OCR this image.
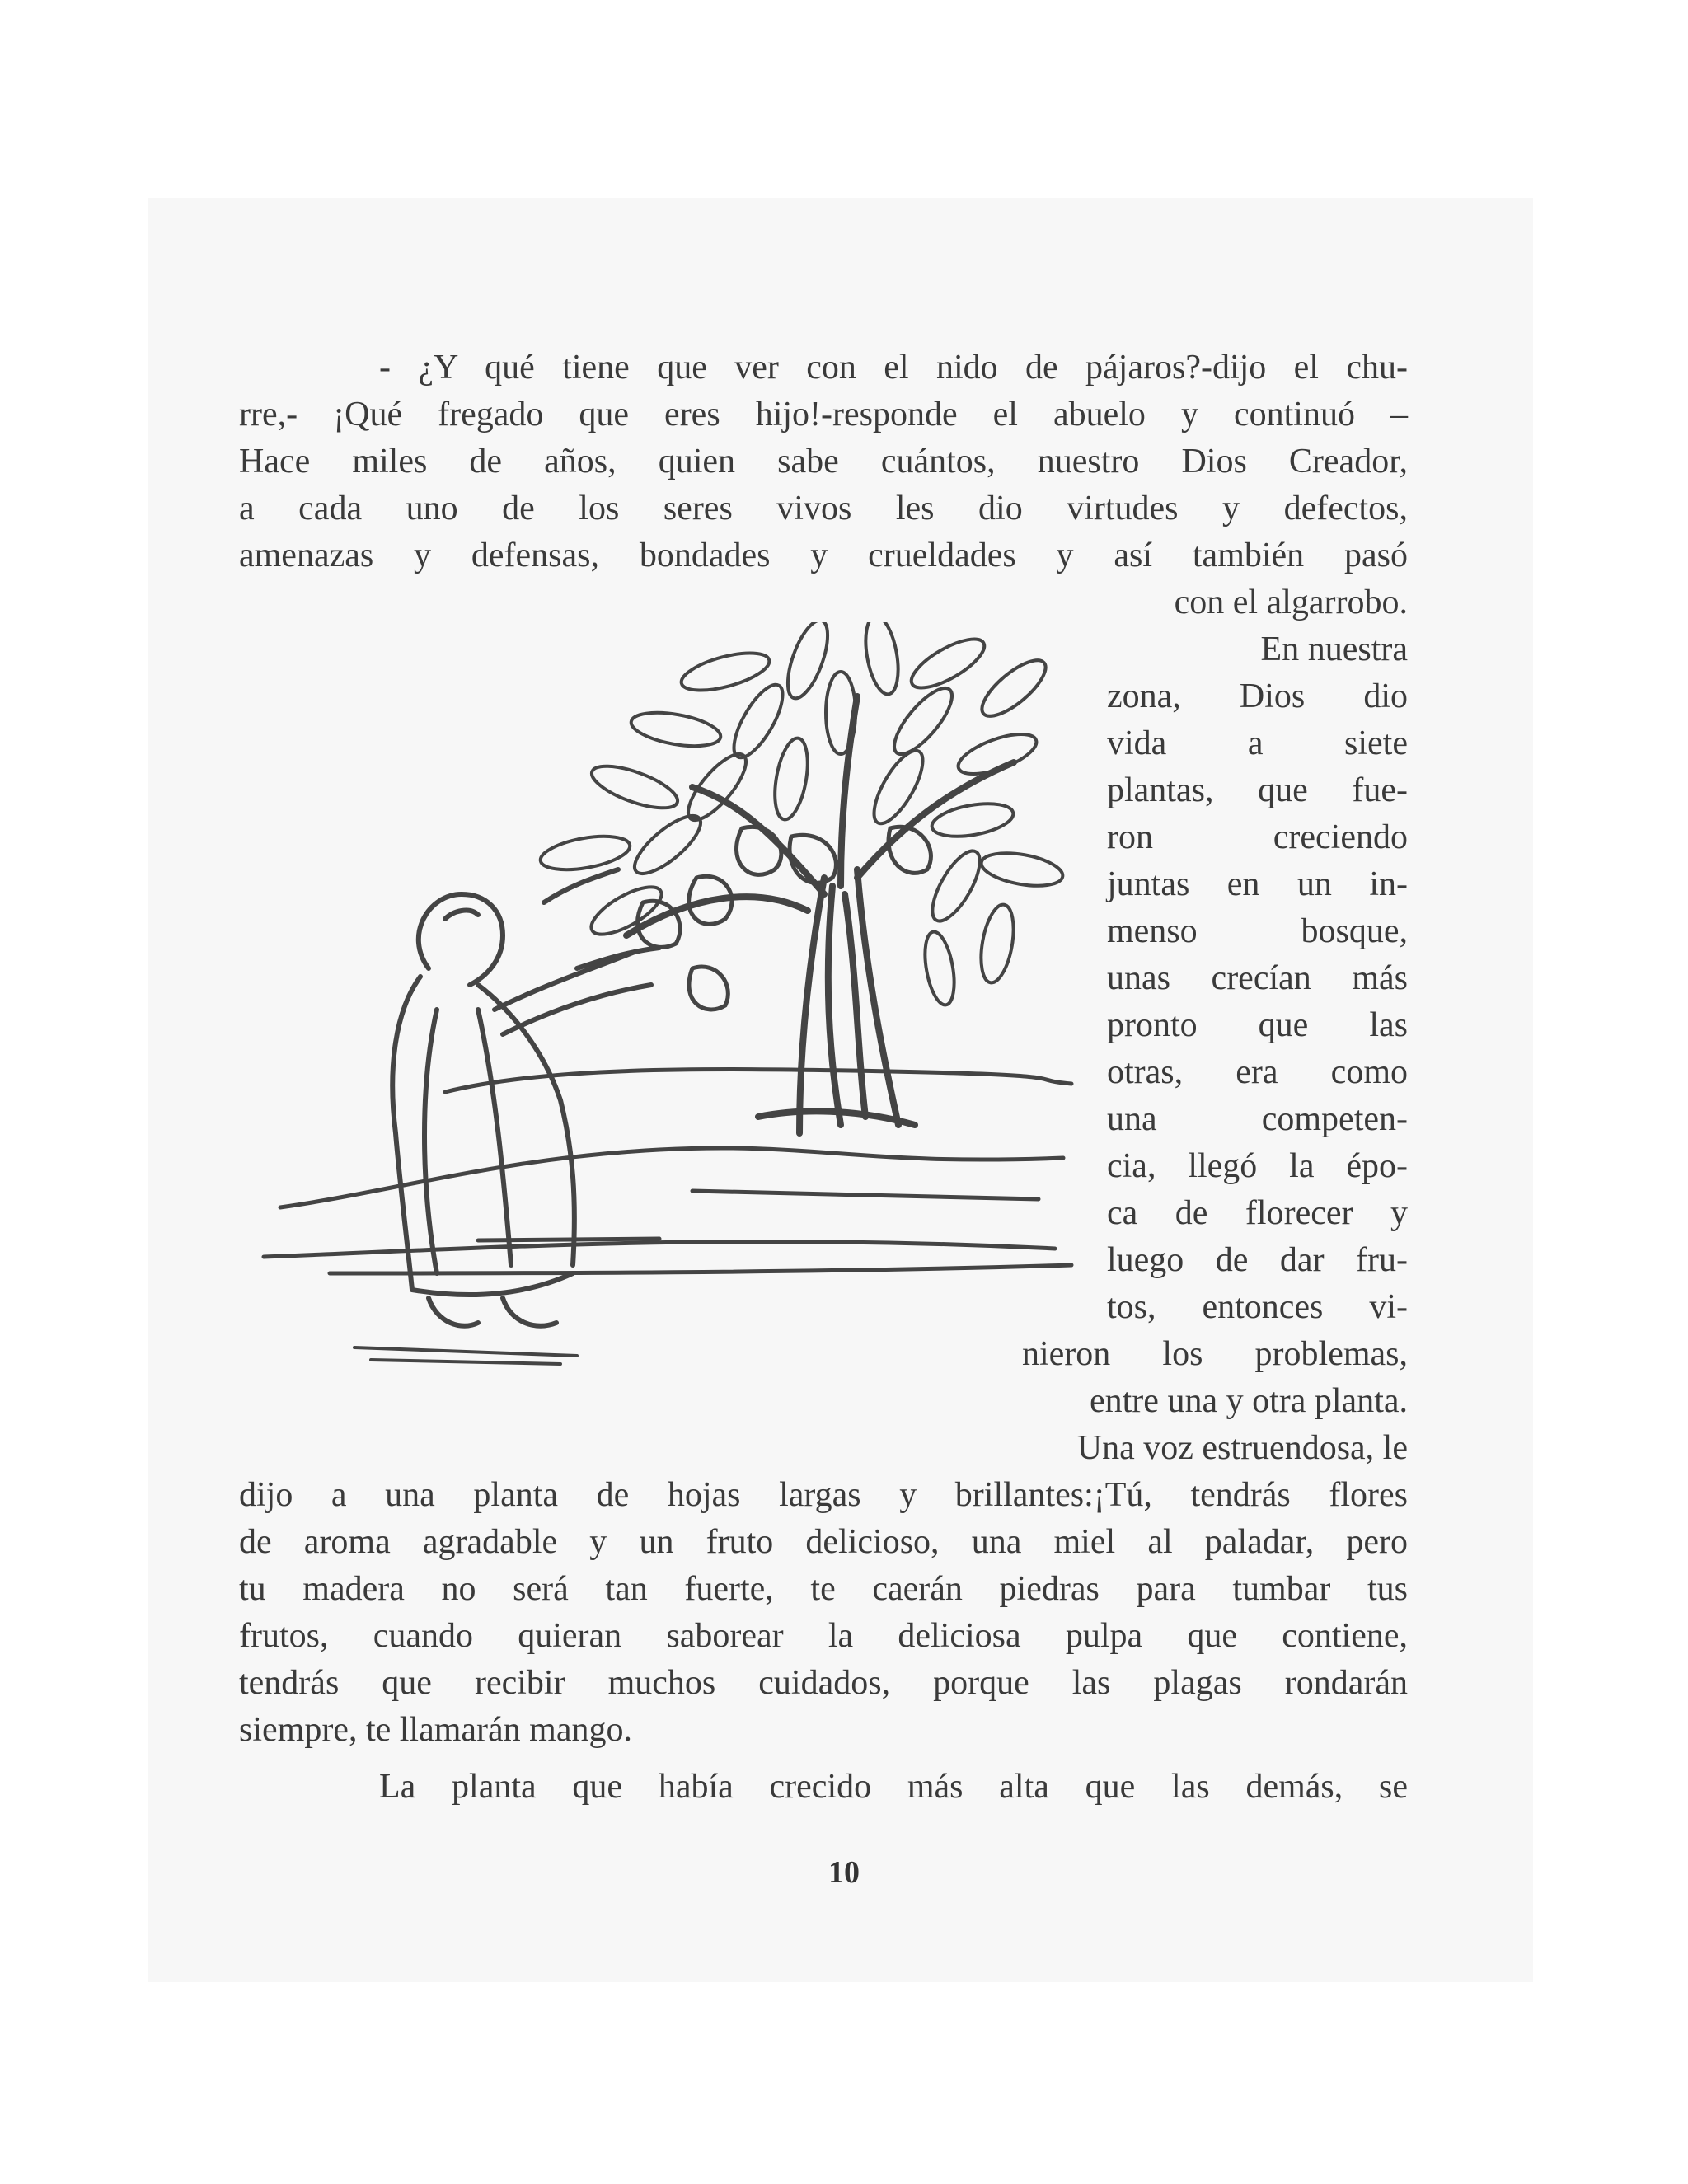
- ¿Y qué tiene que ver con el nido de pájaros?-dijo el chu-

rre,- ¡Qué fregado que eres hijo!-responde el abuelo y continuó –

Hace miles de años, quien sabe cuántos, nuestro Dios Creador,

a cada uno de los seres vivos les dio virtudes y defectos,

amenazas y defensas, bondades y crueldades y así también pasó

con el algarrobo.

En nuestra

zona, Dios dio

vida a siete

plantas, que fue-

ron creciendo

juntas en un in-

menso bosque,

unas crecían más

pronto que las

otras, era como

una competen-

cia, llegó la épo-

ca de florecer y

luego de dar fru-

tos, entonces vi-

nieron los problemas,

entre una y otra planta.

Una voz estruendosa, le

dijo a una planta de hojas largas y brillantes:¡Tú, tendrás flores

de aroma agradable y un fruto delicioso, una miel al paladar, pero

tu madera no será tan fuerte, te caerán piedras para tumbar tus

frutos, cuando quieran saborear la deliciosa pulpa que contiene,

tendrás que recibir muchos cuidados, porque las plagas rondarán

siempre, te llamarán mango.

La planta que había crecido más alta que las demás, se

10
